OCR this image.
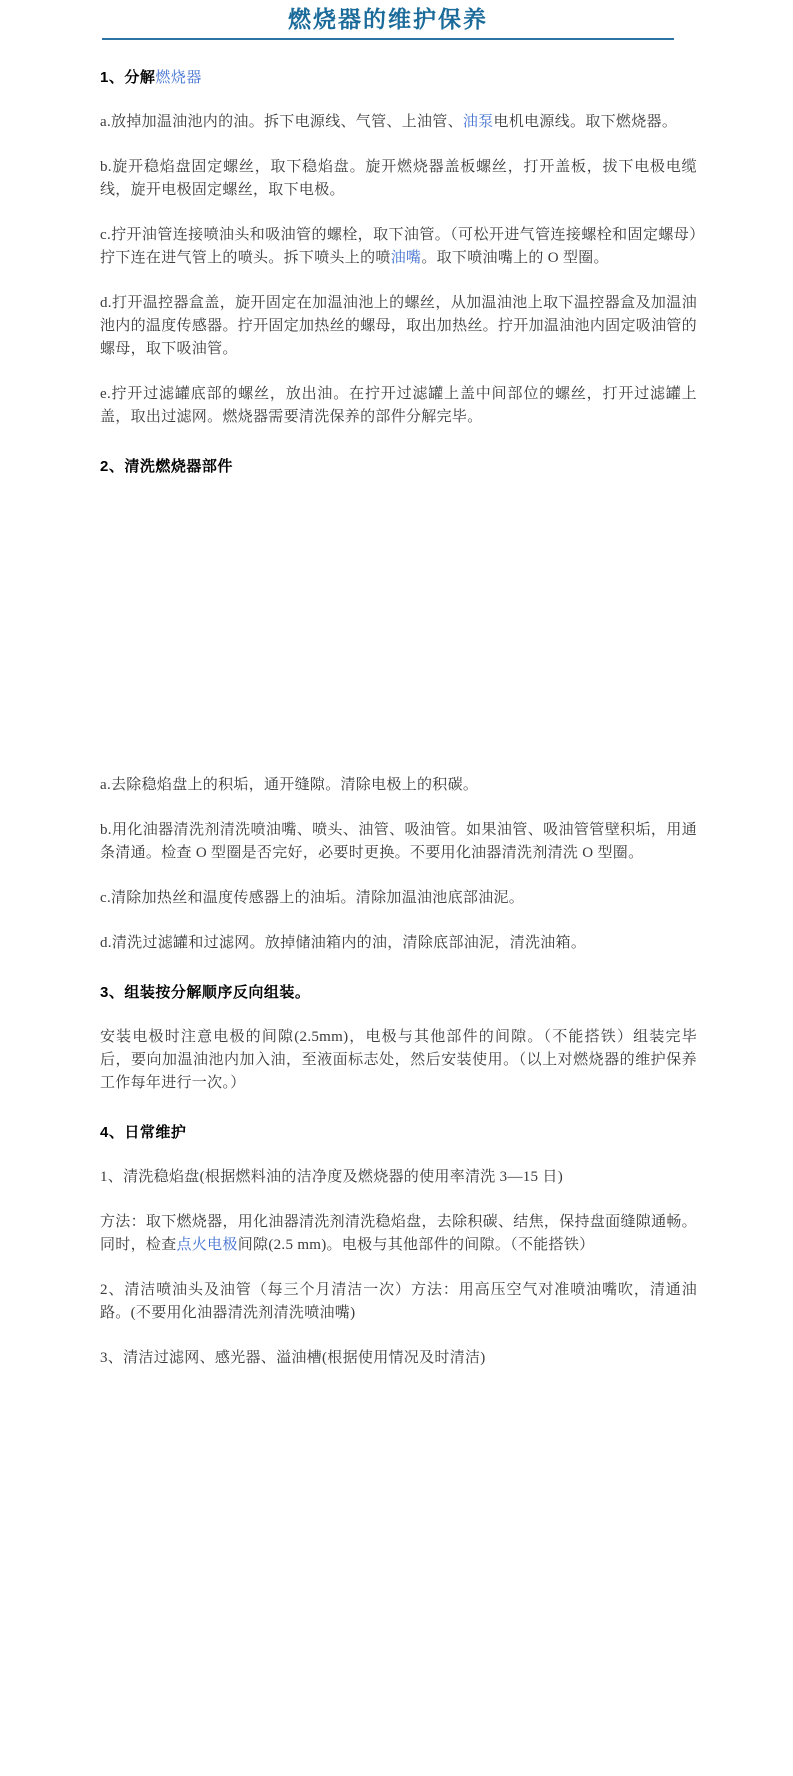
燃烧器的维护保养

1、分解燃烧器

a.放掉加温油池内的油。拆下电源线、气管、上油管、油泵电机电源线。取下燃烧器。

b.旋开稳焰盘固定螺丝，取下稳焰盘。旋开燃烧器盖板螺丝，打开盖板，拔下电极电缆线，旋开电极固定螺丝，取下电极。

c.拧开油管连接喷油头和吸油管的螺栓，取下油管。（可松开进气管连接螺栓和固定螺母）拧下连在进气管上的喷头。拆下喷头上的喷油嘴。取下喷油嘴上的 O 型圈。

d.打开温控器盒盖，旋开固定在加温油池上的螺丝，从加温油池上取下温控器盒及加温油池内的温度传感器。拧开固定加热丝的螺母，取出加热丝。拧开加温油池内固定吸油管的螺母，取下吸油管。

e.拧开过滤罐底部的螺丝，放出油。在拧开过滤罐上盖中间部位的螺丝，打开过滤罐上盖，取出过滤网。燃烧器需要清洗保养的部件分解完毕。

2、清洗燃烧器部件

a.去除稳焰盘上的积垢，通开缝隙。清除电极上的积碳。

b.用化油器清洗剂清洗喷油嘴、喷头、油管、吸油管。如果油管、吸油管管壁积垢，用通条清通。检查 O 型圈是否完好，必要时更换。不要用化油器清洗剂清洗 O 型圈。

c.清除加热丝和温度传感器上的油垢。清除加温油池底部油泥。

d.清洗过滤罐和过滤网。放掉储油箱内的油，清除底部油泥，清洗油箱。

3、组装按分解顺序反向组装。

安装电极时注意电极的间隙(2.5mm)，电极与其他部件的间隙。（不能搭铁）组装完毕后，要向加温油池内加入油，至液面标志处，然后安装使用。（以上对燃烧器的维护保养工作每年进行一次。）

4、日常维护

1、清洗稳焰盘(根据燃料油的洁净度及燃烧器的使用率清洗 3—15 日)

方法：取下燃烧器，用化油器清洗剂清洗稳焰盘，去除积碳、结焦，保持盘面缝隙通畅。同时，检查点火电极间隙(2.5 mm)。电极与其他部件的间隙。（不能搭铁）

2、清洁喷油头及油管（每三个月清洁一次）方法：用高压空气对准喷油嘴吹，清通油路。(不要用化油器清洗剂清洗喷油嘴)

3、清洁过滤网、感光器、溢油槽(根据使用情况及时清洁)
